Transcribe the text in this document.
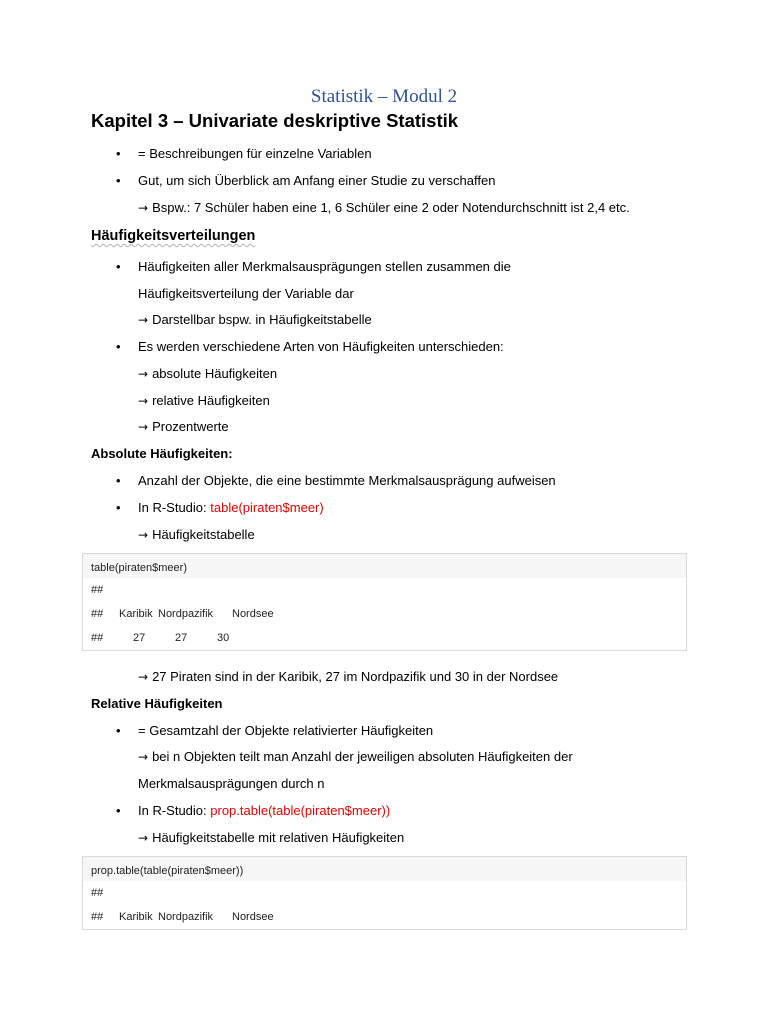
Statistik – Modul 2
Kapitel 3 – Univariate deskriptive Statistik
• = Beschreibungen für einzelne Variablen
• Gut, um sich Überblick am Anfang einer Studie zu verschaffen
→ Bspw.: 7 Schüler haben eine 1, 6 Schüler eine 2 oder Notendurchschnitt ist 2,4 etc.
Häufigkeitsverteilungen
• Häufigkeiten aller Merkmalsausprägungen stellen zusammen die
Häufigkeitsverteilung der Variable dar
→ Darstellbar bspw. in Häufigkeitstabelle
• Es werden verschiedene Arten von Häufigkeiten unterschieden:
→ absolute Häufigkeiten
→ relative Häufigkeiten
→ Prozentwerte
Absolute Häufigkeiten:
• Anzahl der Objekte, die eine bestimmte Merkmalsausprägung aufweisen
• In R-Studio: table(piraten$meer)
→ Häufigkeitstabelle
table(piraten$meer)
##
## Karibik Nordpazifik Nordsee
##	27	27	30
→ 27 Piraten sind in der Karibik, 27 im Nordpazifik und 30 in der Nordsee
Relative Häufigkeiten
• = Gesamtzahl der Objekte relativierter Häufigkeiten
→ bei n Objekten teilt man Anzahl der jeweiligen absoluten Häufigkeiten der
Merkmalsausprägungen durch n
• In R-Studio: prop.table(table(piraten$meer))
→ Häufigkeitstabelle mit relativen Häufigkeiten
prop.table(table(piraten$meer))
##
## Karibik Nordpazifik Nordsee
